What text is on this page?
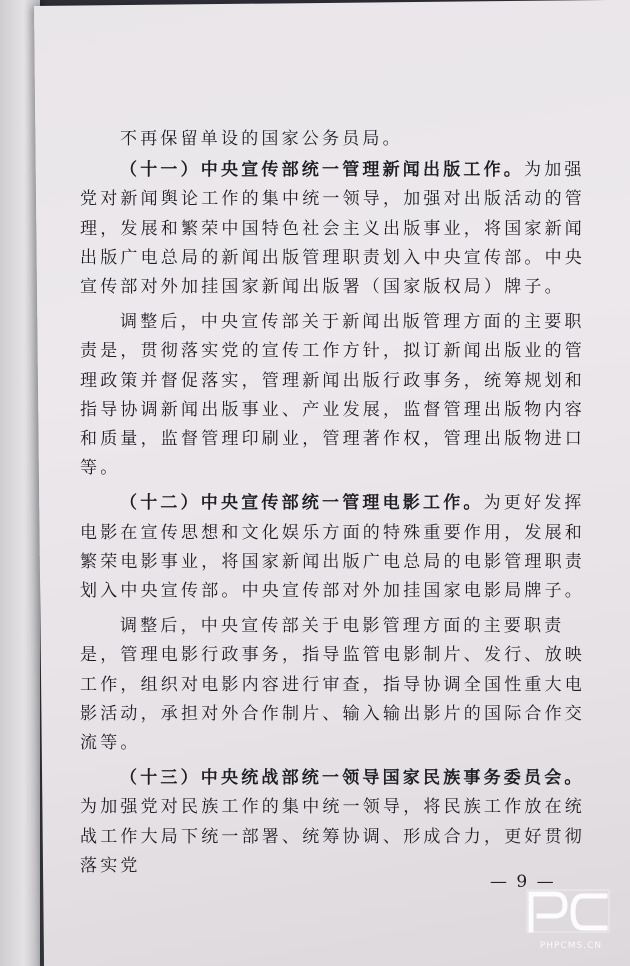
不再保留单设的国家公务员局。

（十一）中央宣传部统一管理新闻出版工作。为加强党对新闻舆论工作的集中统一领导，加强对出版活动的管理，发展和繁荣中国特色社会主义出版事业，将国家新闻出版广电总局的新闻出版管理职责划入中央宣传部。中央宣传部对外加挂国家新闻出版署（国家版权局）牌子。

调整后，中央宣传部关于新闻出版管理方面的主要职责是，贯彻落实党的宣传工作方针，拟订新闻出版业的管理政策并督促落实，管理新闻出版行政事务，统筹规划和指导协调新闻出版事业、产业发展，监督管理出版物内容和质量，监督管理印刷业，管理著作权，管理出版物进口等。

（十二）中央宣传部统一管理电影工作。为更好发挥电影在宣传思想和文化娱乐方面的特殊重要作用，发展和繁荣电影事业，将国家新闻出版广电总局的电影管理职责划入中央宣传部。中央宣传部对外加挂国家电影局牌子。

调整后，中央宣传部关于电影管理方面的主要职责是，管理电影行政事务，指导监管电影制片、发行、放映工作，组织对电影内容进行审查，指导协调全国性重大电影活动，承担对外合作制片、输入输出影片的国际合作交流等。

（十三）中央统战部统一领导国家民族事务委员会。为加强党对民族工作的集中统一领导，将民族工作放在统战工作大局下统一部署、统筹协调、形成合力，更好贯彻落实党

— 9 —
PHPCMS.CN
